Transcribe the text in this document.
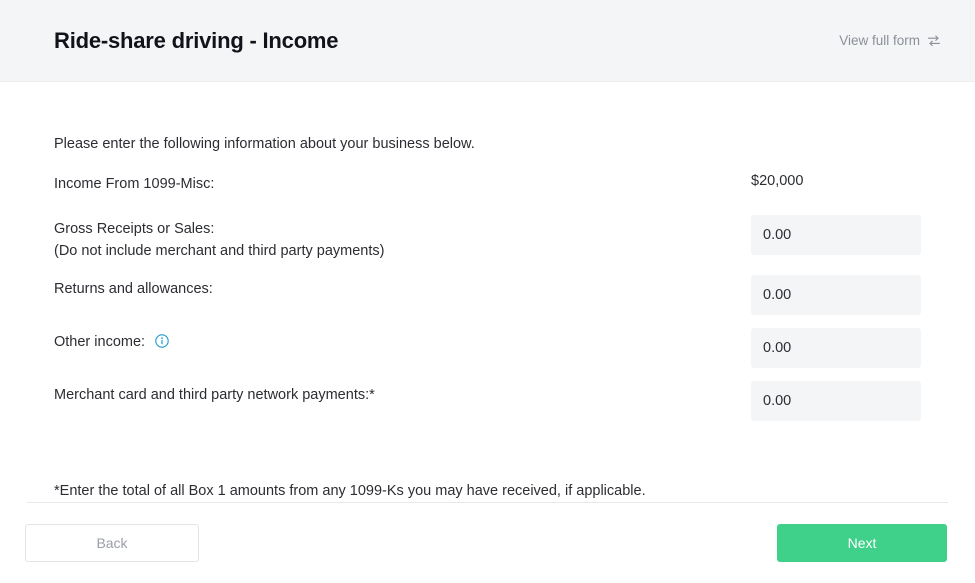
Ride-share driving - Income	View full form
Please enter the following information about your business below.
Income From 1099-Misc:	$20,000
Gross Receipts or Sales:
(Do not include merchant and third party payments)
0.00
Returns and allowances:
0.00
Other income:
0.00
Merchant card and third party network payments:*
0.00
*Enter the total of all Box 1 amounts from any 1099-Ks you may have received, if applicable.
Back	Next
